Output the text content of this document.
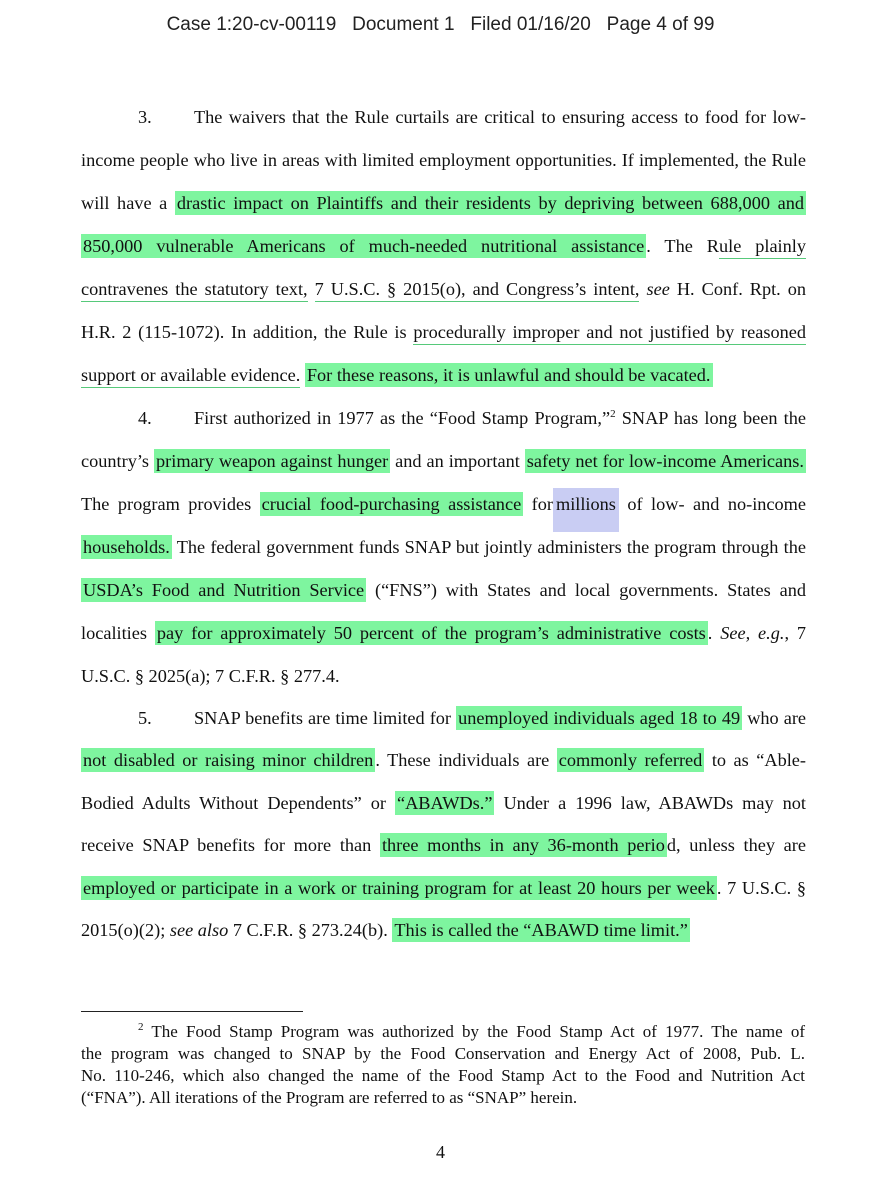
Case 1:20-cv-00119   Document 1   Filed 01/16/20   Page 4 of 99
3. The waivers that the Rule curtails are critical to ensuring access to food for low-
income people who live in areas with limited employment opportunities. If implemented, the Rule
will have a drastic impact on Plaintiffs and their residents by depriving between 688,000 and
850,000 vulnerable Americans of much-needed nutritional assistance . The Rule plainly
contravenes the statutory text, 7 U.S.C. § 2015(o), and Congress’s intent, see H. Conf. Rpt. on
H.R. 2 (115-1072). In addition, the Rule is procedurally improper and not justified by reasoned
support or available evidence. For these reasons, it is unlawful and should be vacated.
4. First authorized in 1977 as the “Food Stamp Program,”$^2$ SNAP has long been the
country’s primary weapon against hunger and an important safety net for low-income Americans.
The program provides crucial food-purchasing assistance for millions of low- and no-income
households. The federal government funds SNAP but jointly administers the program through the
USDA’s Food and Nutrition Service (“FNS”) with States and local governments. States and
localities pay for approximately 50 percent of the program’s administrative costs . See, e.g., 7
U.S.C. § 2025(a); 7 C.F.R. § 277.4.
5. SNAP benefits are time limited for unemployed individuals aged 18 to 49 who are
not disabled or raising minor children . These individuals are commonly referred to as “Able-
Bodied Adults Without Dependents” or “ABAWDs.” Under a 1996 law, ABAWDs may not
receive SNAP benefits for more than three months in any 36-month perio d, unless they are
employed or participate in a work or training program for at least 20 hours per week . 7 U.S.C. §
2015(o)(2); see also 7 C.F.R. § 273.24(b). This is called the “ABAWD time limit.”
$^2$ The Food Stamp Program was authorized by the Food Stamp Act of 1977. The name of
the program was changed to SNAP by the Food Conservation and Energy Act of 2008, Pub. L.
No. 110-246, which also changed the name of the Food Stamp Act to the Food and Nutrition Act
(“FNA”). All iterations of the Program are referred to as “SNAP” herein.
4
